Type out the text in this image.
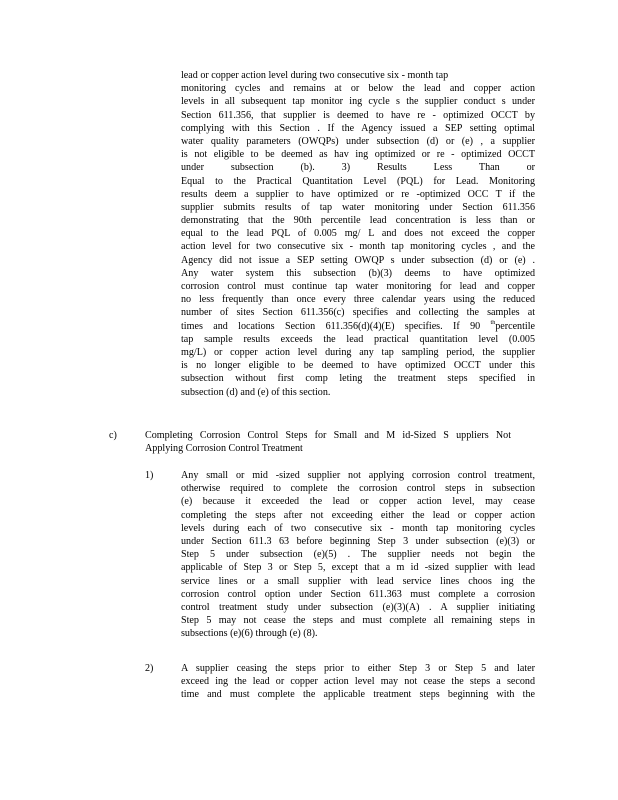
lead or copper action level during two consecutive six - month tap
monitoring cycles and remains at or below the lead and copper action
levels in all subsequent tap monitor ing cycle s the supplier conduct s under
Section 611.356, that supplier is deemed to have re - optimized OCCT by
complying with this Section . If the Agency issued a SEP setting optimal
water quality parameters (OWQPs) under subsection (d) or (e) , a supplier
is not eligible to be deemed as hav ing optimized or re - optimized OCCT
under subsection (b). 3) Results Less Than or
Equal to the Practical Quantitation Level (PQL) for Lead. Monitoring
results deem a supplier to have optimized or re -optimized OCC T if the
supplier submits results of tap water monitoring under Section 611.356
demonstrating that the 90th percentile lead concentration is less than or
equal to the lead PQL of 0.005 mg/ L and does not exceed the copper
action level for two consecutive six - month tap monitoring cycles , and the
Agency did not issue a SEP setting OWQP s under subsection (d) or (e) .
Any water system this subsection (b)(3) deems to have optimized
corrosion control must continue tap water monitoring for lead and copper
no less frequently than once every three calendar years using the reduced
number of sites Section 611.356(c) specifies and collecting the samples at
times and locations Section 611.356(d)(4)(E) specifies. If 90 $^{th}$percentile
tap sample results exceeds the lead practical quantitation level (0.005
mg/L) or copper action level during any tap sampling period, the supplier
is no longer eligible to be deemed to have optimized OCCT under this
subsection without first comp leting the treatment steps specified in
subsection (d) and (e) of this section.
c)	Completing Corrosion Control Steps for Small and M id-Sized S uppliers Not
Applying Corrosion Control Treatment
1)	Any small or mid -sized supplier not applying corrosion control treatment,
otherwise required to complete the corrosion control steps in subsection
(e) because it exceeded the lead or copper action level, may cease
completing the steps after not exceeding either the lead or copper action
levels during each of two consecutive six - month tap monitoring cycles
under Section 611.3 63 before beginning Step 3 under subsection (e)(3) or
Step 5 under subsection (e)(5) . The supplier needs not begin the
applicable of Step 3 or Step 5, except that a m id -sized supplier with lead
service lines or a small supplier with lead service lines choos ing the
corrosion control option under Section 611.363 must complete a corrosion
control treatment study under subsection (e)(3)(A) . A supplier initiating
Step 5 may not cease the steps and must complete all remaining steps in
subsections (e)(6) through (e) (8).
2)	A supplier ceasing the steps prior to either Step 3 or Step 5 and later
exceed ing the lead or copper action level may not cease the steps a second
time and must complete the applicable treatment steps beginning with the
